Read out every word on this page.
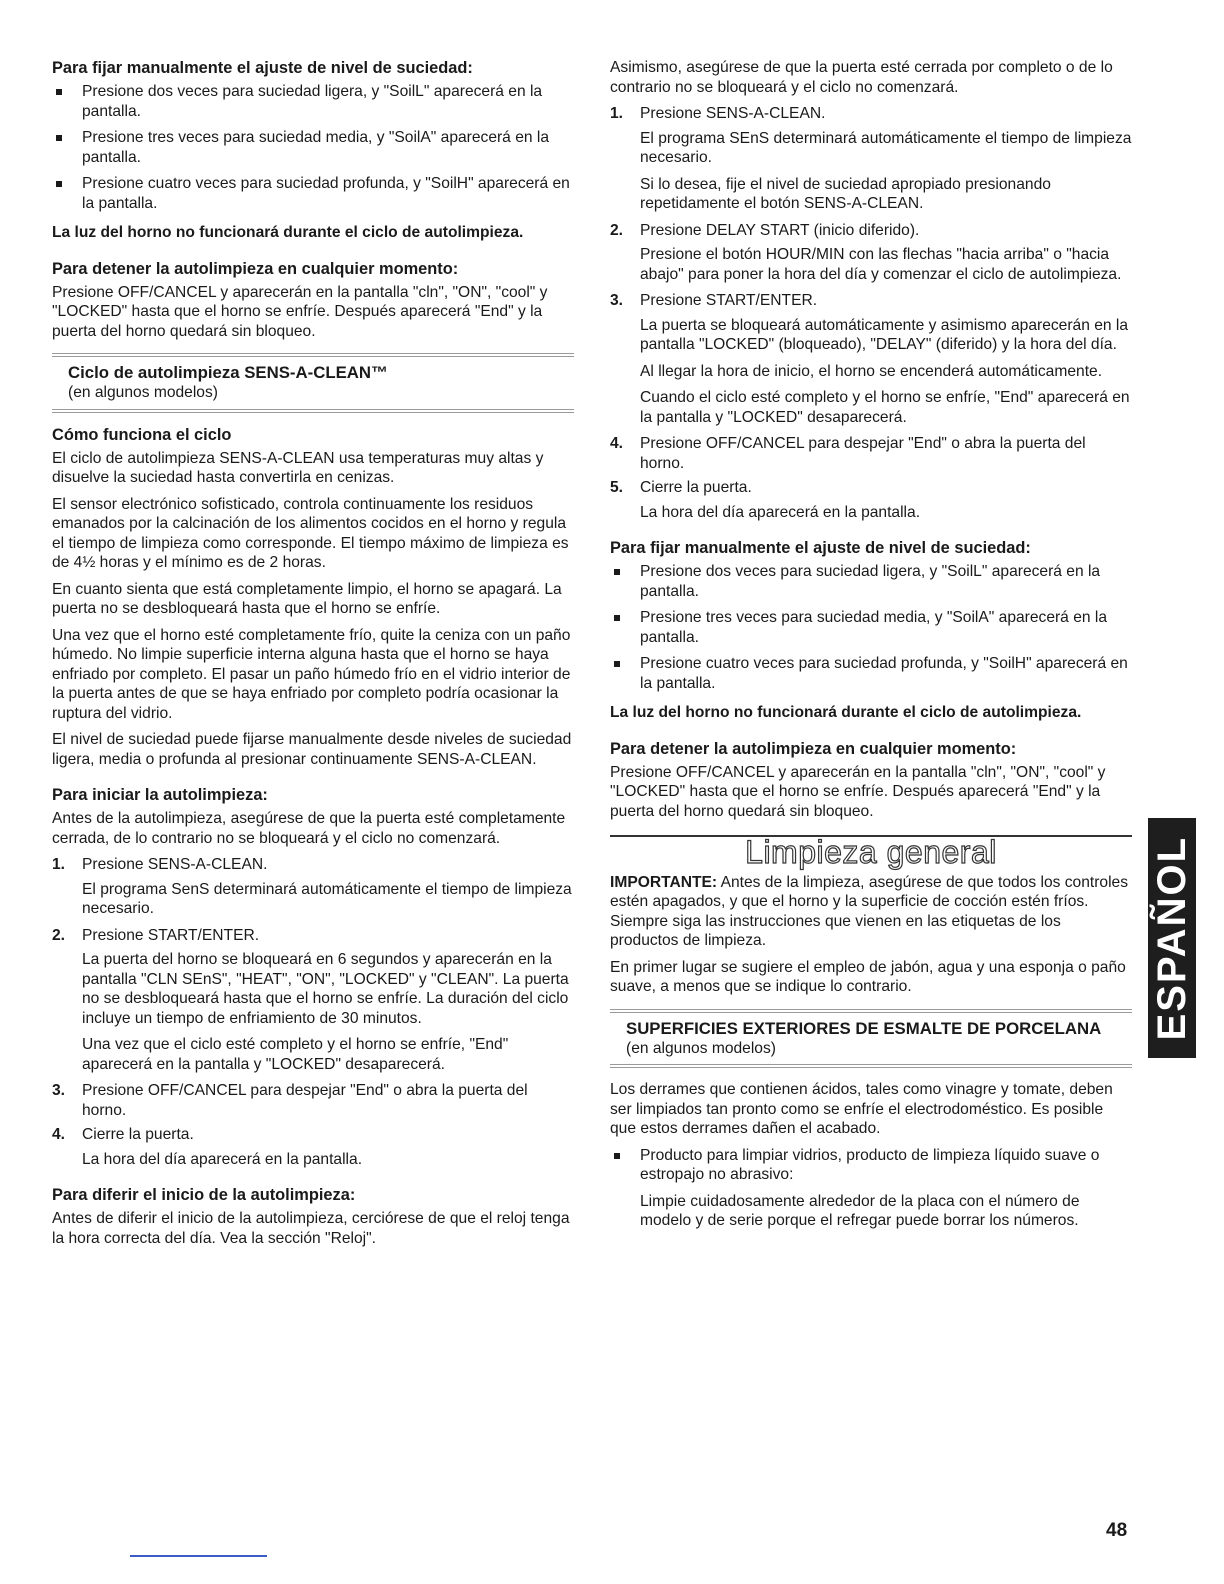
Para fijar manualmente el ajuste de nivel de suciedad:
Presione dos veces para suciedad ligera, y "SoilL" aparecerá en la pantalla.
Presione tres veces para suciedad media, y "SoilA" aparecerá en la pantalla.
Presione cuatro veces para suciedad profunda, y "SoilH" aparecerá en la pantalla.

La luz del horno no funcionará durante el ciclo de autolimpieza.

Para detener la autolimpieza en cualquier momento:

Presione OFF/CANCEL y aparecerán en la pantalla "cln", "ON", "cool" y "LOCKED" hasta que el horno se enfríe. Después aparecerá "End" y la puerta del horno quedará sin bloqueo.

Ciclo de autolimpieza SENS-A-CLEAN™
(en algunos modelos)
Cómo funciona el ciclo

El ciclo de autolimpieza SENS-A-CLEAN usa temperaturas muy altas y disuelve la suciedad hasta convertirla en cenizas.

El sensor electrónico sofisticado, controla continuamente los residuos emanados por la calcinación de los alimentos cocidos en el horno y regula el tiempo de limpieza como corresponde. El tiempo máximo de limpieza es de 4½ horas y el mínimo es de 2 horas.

En cuanto sienta que está completamente limpio, el horno se apagará. La puerta no se desbloqueará hasta que el horno se enfríe.

Una vez que el horno esté completamente frío, quite la ceniza con un paño húmedo. No limpie superficie interna alguna hasta que el horno se haya enfriado por completo. El pasar un paño húmedo frío en el vidrio interior de la puerta antes de que se haya enfriado por completo podría ocasionar la ruptura del vidrio.

El nivel de suciedad puede fijarse manualmente desde niveles de suciedad ligera, media o profunda al presionar continuamente SENS-A-CLEAN.

Para iniciar la autolimpieza:

Antes de la autolimpieza, asegúrese de que la puerta esté completamente cerrada, de lo contrario no se bloqueará y el ciclo no comenzará.

1.	Presione SENS-A-CLEAN.

El programa SenS determinará automáticamente el tiempo de limpieza necesario.

2.	Presione START/ENTER.

La puerta del horno se bloqueará en 6 segundos y aparecerán en la pantalla "CLN SEnS", "HEAT", "ON", "LOCKED" y "CLEAN". La puerta no se desbloqueará hasta que el horno se enfríe. La duración del ciclo incluye un tiempo de enfriamiento de 30 minutos.

Una vez que el ciclo esté completo y el horno se enfríe, "End" aparecerá en la pantalla y "LOCKED" desaparecerá.

3.	Presione OFF/CANCEL para despejar "End" o abra la puerta del horno.
4.	Cierre la puerta.

La hora del día aparecerá en la pantalla.

Para diferir el inicio de la autolimpieza:

Antes de diferir el inicio de la autolimpieza, cerciórese de que el reloj tenga la hora correcta del día. Vea la sección "Reloj".

Asimismo, asegúrese de que la puerta esté cerrada por completo o de lo contrario no se bloqueará y el ciclo no comenzará.

1.	Presione SENS-A-CLEAN.

El programa SEnS determinará automáticamente el tiempo de limpieza necesario.

Si lo desea, fije el nivel de suciedad apropiado presionando repetidamente el botón SENS-A-CLEAN.

2.	Presione DELAY START (inicio diferido).

Presione el botón HOUR/MIN con las flechas "hacia arriba" o "hacia abajo" para poner la hora del día y comenzar el ciclo de autolimpieza.

3.	Presione START/ENTER.

La puerta se bloqueará automáticamente y asimismo aparecerán en la pantalla "LOCKED" (bloqueado), "DELAY" (diferido) y la hora del día.

Al llegar la hora de inicio, el horno se encenderá automáticamente.

Cuando el ciclo esté completo y el horno se enfríe, "End" aparecerá en la pantalla y "LOCKED" desaparecerá.

4.	Presione OFF/CANCEL para despejar "End" o abra la puerta del horno.
5.	Cierre la puerta.

La hora del día aparecerá en la pantalla.

Para fijar manualmente el ajuste de nivel de suciedad:
Presione dos veces para suciedad ligera, y "SoilL" aparecerá en la pantalla.
Presione tres veces para suciedad media, y "SoilA" aparecerá en la pantalla.
Presione cuatro veces para suciedad profunda, y "SoilH" aparecerá en la pantalla.

La luz del horno no funcionará durante el ciclo de autolimpieza.

Para detener la autolimpieza en cualquier momento:

Presione OFF/CANCEL y aparecerán en la pantalla "cln", "ON", "cool" y "LOCKED" hasta que el horno se enfríe. Después aparecerá "End" y la puerta del horno quedará sin bloqueo.

Limpieza general

IMPORTANTE: Antes de la limpieza, asegúrese de que todos los controles estén apagados, y que el horno y la superficie de cocción estén fríos. Siempre siga las instrucciones que vienen en las etiquetas de los productos de limpieza.

En primer lugar se sugiere el empleo de jabón, agua y una esponja o paño suave, a menos que se indique lo contrario.

SUPERFICIES EXTERIORES DE ESMALTE DE PORCELANA
(en algunos modelos)

Los derrames que contienen ácidos, tales como vinagre y tomate, deben ser limpiados tan pronto como se enfríe el electrodoméstico. Es posible que estos derrames dañen el acabado.

Producto para limpiar vidrios, producto de limpieza líquido suave o estropajo no abrasivo:

Limpie cuidadosamente alrededor de la placa con el número de modelo y de serie porque el refregar puede borrar los números.

ESPAÑOL
48
